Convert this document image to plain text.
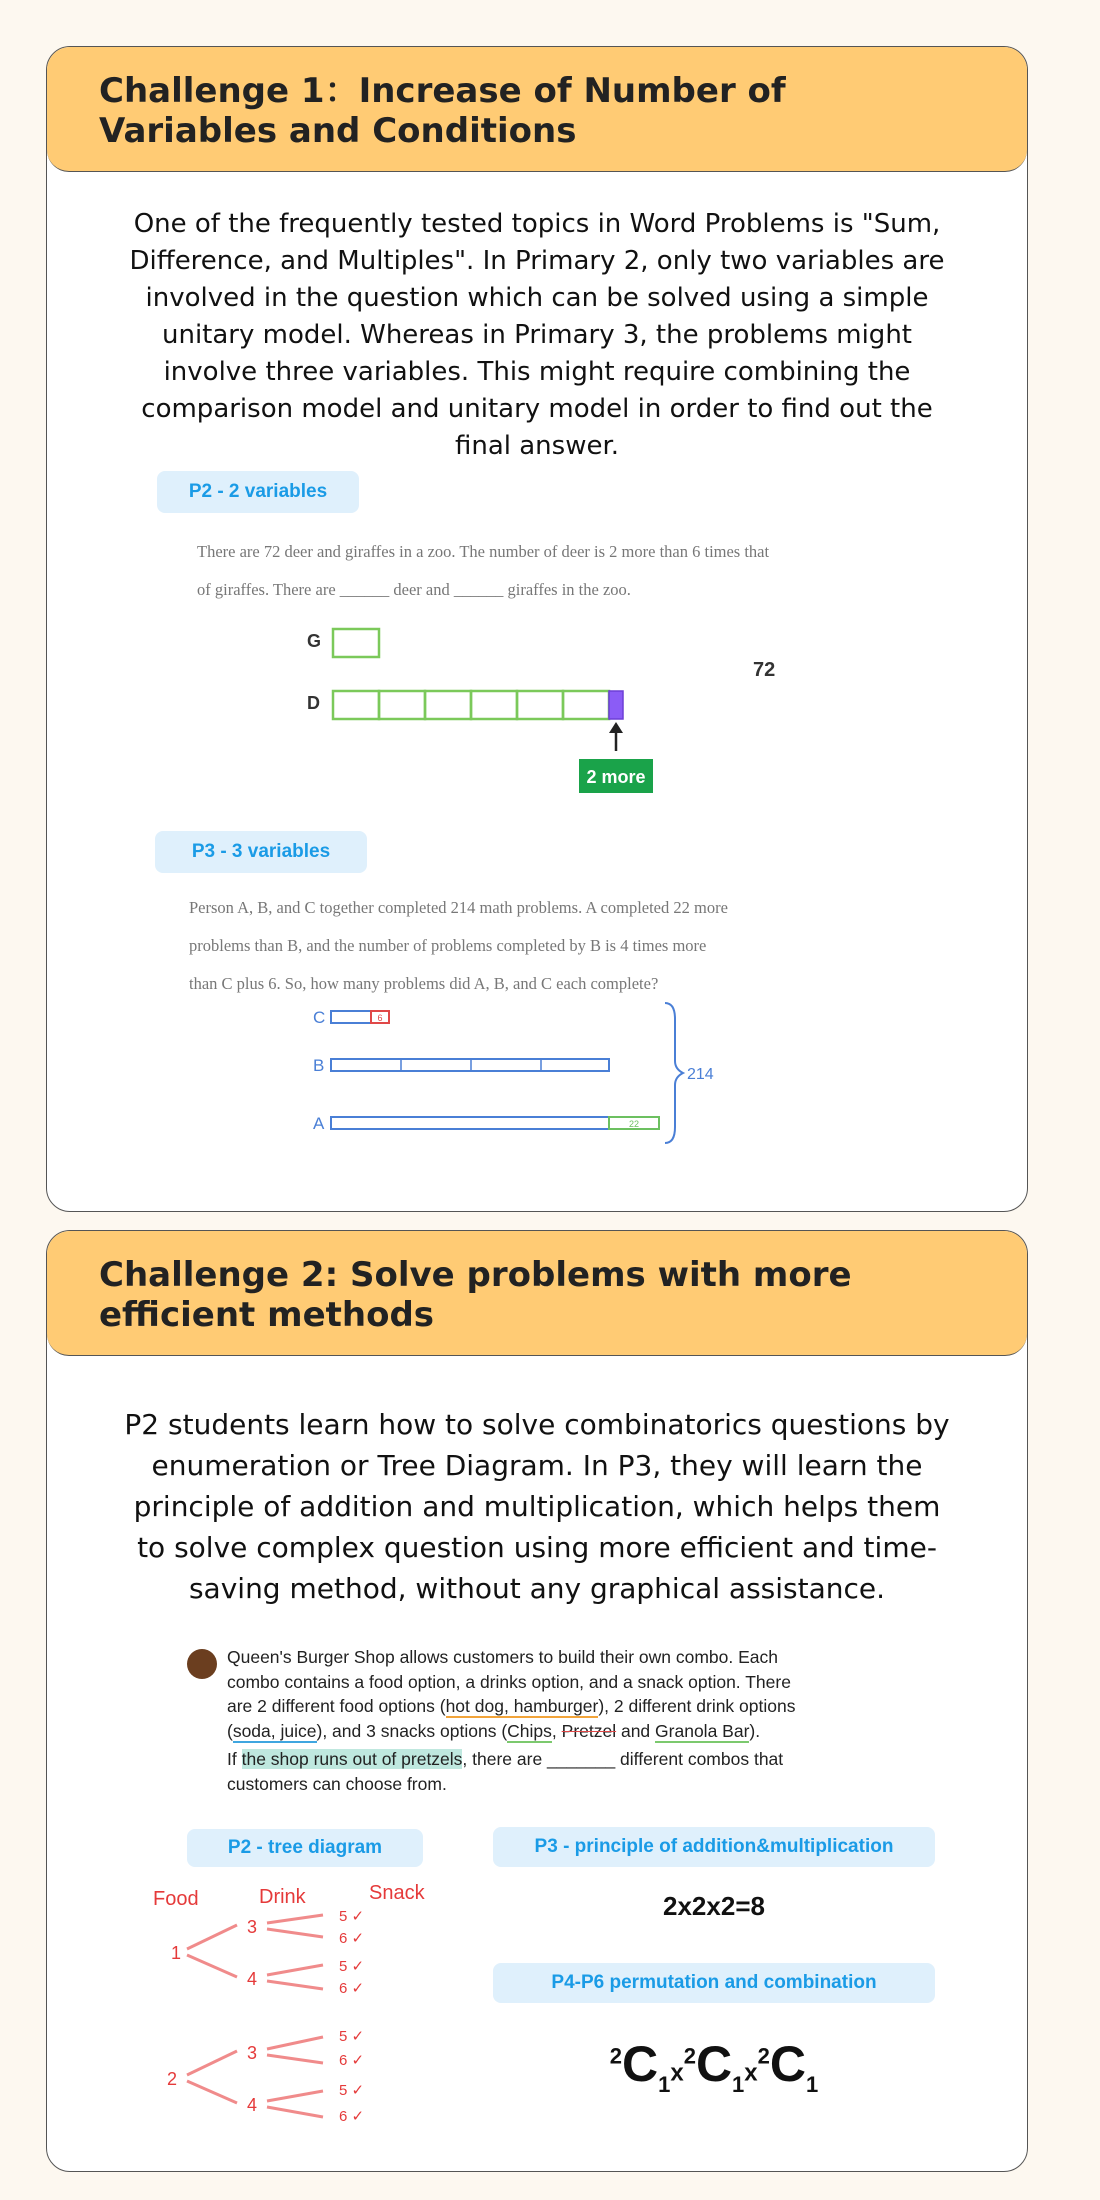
Challenge 1：Increase of Number of Variables and Conditions

One of the frequently tested topics in Word Problems is "Sum, Difference, and Multiples". In Primary 2, only two variables are involved in the question which can be solved using a simple unitary model. Whereas in Primary 3, the problems might involve three variables. This might require combining the comparison model and unitary model in order to find out the final answer.

P2 - 2 variables
There are 72 deer and giraffes in a zoo. The number of deer is 2 more than 6 times that
of giraffes. There are ______ deer and ______ giraffes in the zoo.
G
D
2 more
72
P3 - 3 variables
Person A, B, and C together completed 214 math problems. A completed 22 more
problems than B, and the number of problems completed by B is 4 times more
than C plus 6. So, how many problems did A, B, and C each complete?
C	6
B
A	22
214
Challenge 2: Solve problems with more efficient methods

P2 students learn how to solve combinatorics questions by enumeration or Tree Diagram. In P3, they will learn the principle of addition and multiplication, which helps them to solve complex question using more efficient and time-saving method, without any graphical assistance.

Queen's Burger Shop allows customers to build their own combo. Each
combo contains a food option, a drinks option, and a snack option. There
are 2 different food options (hot dog, hamburger), 2 different drink options
(soda, juice), and 3 snacks options (Chips, Pretzel and Granola Bar).
If the shop runs out of pretzels, there are _______ different combos that
customers can choose from.
P2 - tree diagram
Food	Drink	Snack
1
2
3
4
3
4
5 ✓
6 ✓
5 ✓
6 ✓
5 ✓
6 ✓
5 ✓
6 ✓
P3 - principle of addition&multiplication
2x2x2=8
P4-P6 permutation and combination
$^2C_1x^2C_1x^2C_1$
